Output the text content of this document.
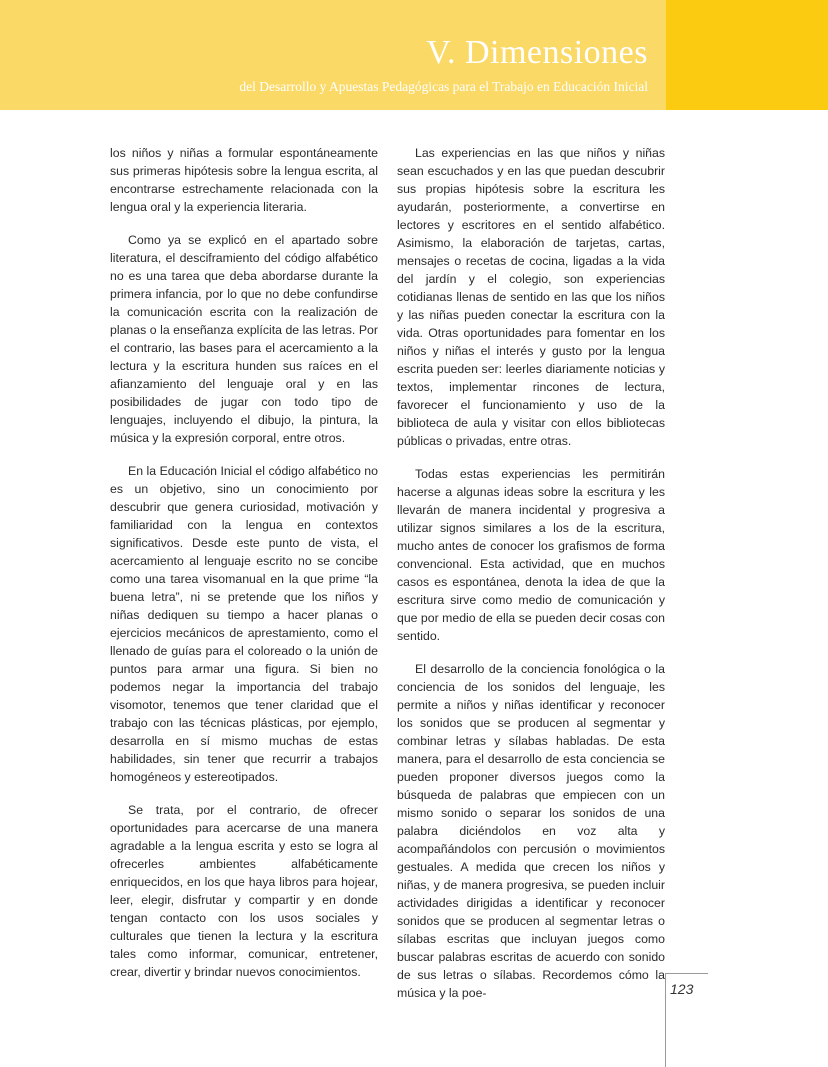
V. Dimensiones

del Desarrollo y Apuestas Pedagógicas para el Trabajo en Educación Inicial

los niños y niñas a formular espontáneamente sus primeras hipótesis sobre la lengua escrita, al encontrarse estrechamente relacionada con la lengua oral y la experiencia literaria.

Como ya se explicó en el apartado sobre literatura, el desciframiento del código alfabético no es una tarea que deba abordarse durante la primera infancia, por lo que no debe confundirse la comunicación escrita con la realización de planas o la enseñanza explícita de las letras. Por el contrario, las bases para el acercamiento a la lectura y la escritura hunden sus raíces en el afianzamiento del lenguaje oral y en las posibilidades de jugar con todo tipo de lenguajes, incluyendo el dibujo, la pintura, la música y la expresión corporal, entre otros.

En la Educación Inicial el código alfabético no es un objetivo, sino un conocimiento por descubrir que genera curiosidad, motivación y familiaridad con la lengua en contextos significativos. Desde este punto de vista, el acercamiento al lenguaje escrito no se concibe como una tarea visomanual en la que prime “la buena letra”, ni se pretende que los niños y niñas dediquen su tiempo a hacer planas o ejercicios mecánicos de aprestamiento, como el llenado de guías para el coloreado o la unión de puntos para armar una figura. Si bien no podemos negar la importancia del trabajo visomotor, tenemos que tener claridad que el trabajo con las técnicas plásticas, por ejemplo, desarrolla en sí mismo muchas de estas habilidades, sin tener que recurrir a trabajos homogéneos y estereotipados.

Se trata, por el contrario, de ofrecer oportunidades para acercarse de una manera agradable a la lengua escrita y esto se logra al ofrecerles ambientes alfabéticamente enriquecidos, en los que haya libros para hojear, leer, elegir, disfrutar y compartir y en donde tengan contacto con los usos sociales y culturales que tienen la lectura y la escritura tales como informar, comunicar, entretener, crear, divertir y brindar nuevos conocimientos.

Las experiencias en las que niños y niñas sean escuchados y en las que puedan descubrir sus propias hipótesis sobre la escritura les ayudarán, posteriormente, a convertirse en lectores y escritores en el sentido alfabético. Asimismo, la elaboración de tarjetas, cartas, mensajes o recetas de cocina, ligadas a la vida del jardín y el colegio, son experiencias cotidianas llenas de sentido en las que los niños y las niñas pueden conectar la escritura con la vida. Otras oportunidades para fomentar en los niños y niñas el interés y gusto por la lengua escrita pueden ser: leerles diariamente noticias y textos, implementar rincones de lectura, favorecer el funcionamiento y uso de la biblioteca de aula y visitar con ellos bibliotecas públicas o privadas, entre otras.

Todas estas experiencias les permitirán hacerse a algunas ideas sobre la escritura y les llevarán de manera incidental y progresiva a utilizar signos similares a los de la escritura, mucho antes de conocer los grafismos de forma convencional. Esta actividad, que en muchos casos es espontánea, denota la idea de que la escritura sirve como medio de comunicación y que por medio de ella se pueden decir cosas con sentido.

El desarrollo de la conciencia fonológica o la conciencia de los sonidos del lenguaje, les permite a niños y niñas identificar y reconocer los sonidos que se producen al segmentar y combinar letras y sílabas habladas. De esta manera, para el desarrollo de esta conciencia se pueden proponer diversos juegos como la búsqueda de palabras que empiecen con un mismo sonido o separar los sonidos de una palabra diciéndolos en voz alta y acompañándolos con percusión o movimientos gestuales. A medida que crecen los niños y niñas, y de manera progresiva, se pueden incluir actividades dirigidas a identificar y reconocer sonidos que se producen al segmentar letras o sílabas escritas que incluyan juegos como buscar palabras escritas de acuerdo con sonido de sus letras o sílabas. Recordemos cómo la música y la poe-	123
